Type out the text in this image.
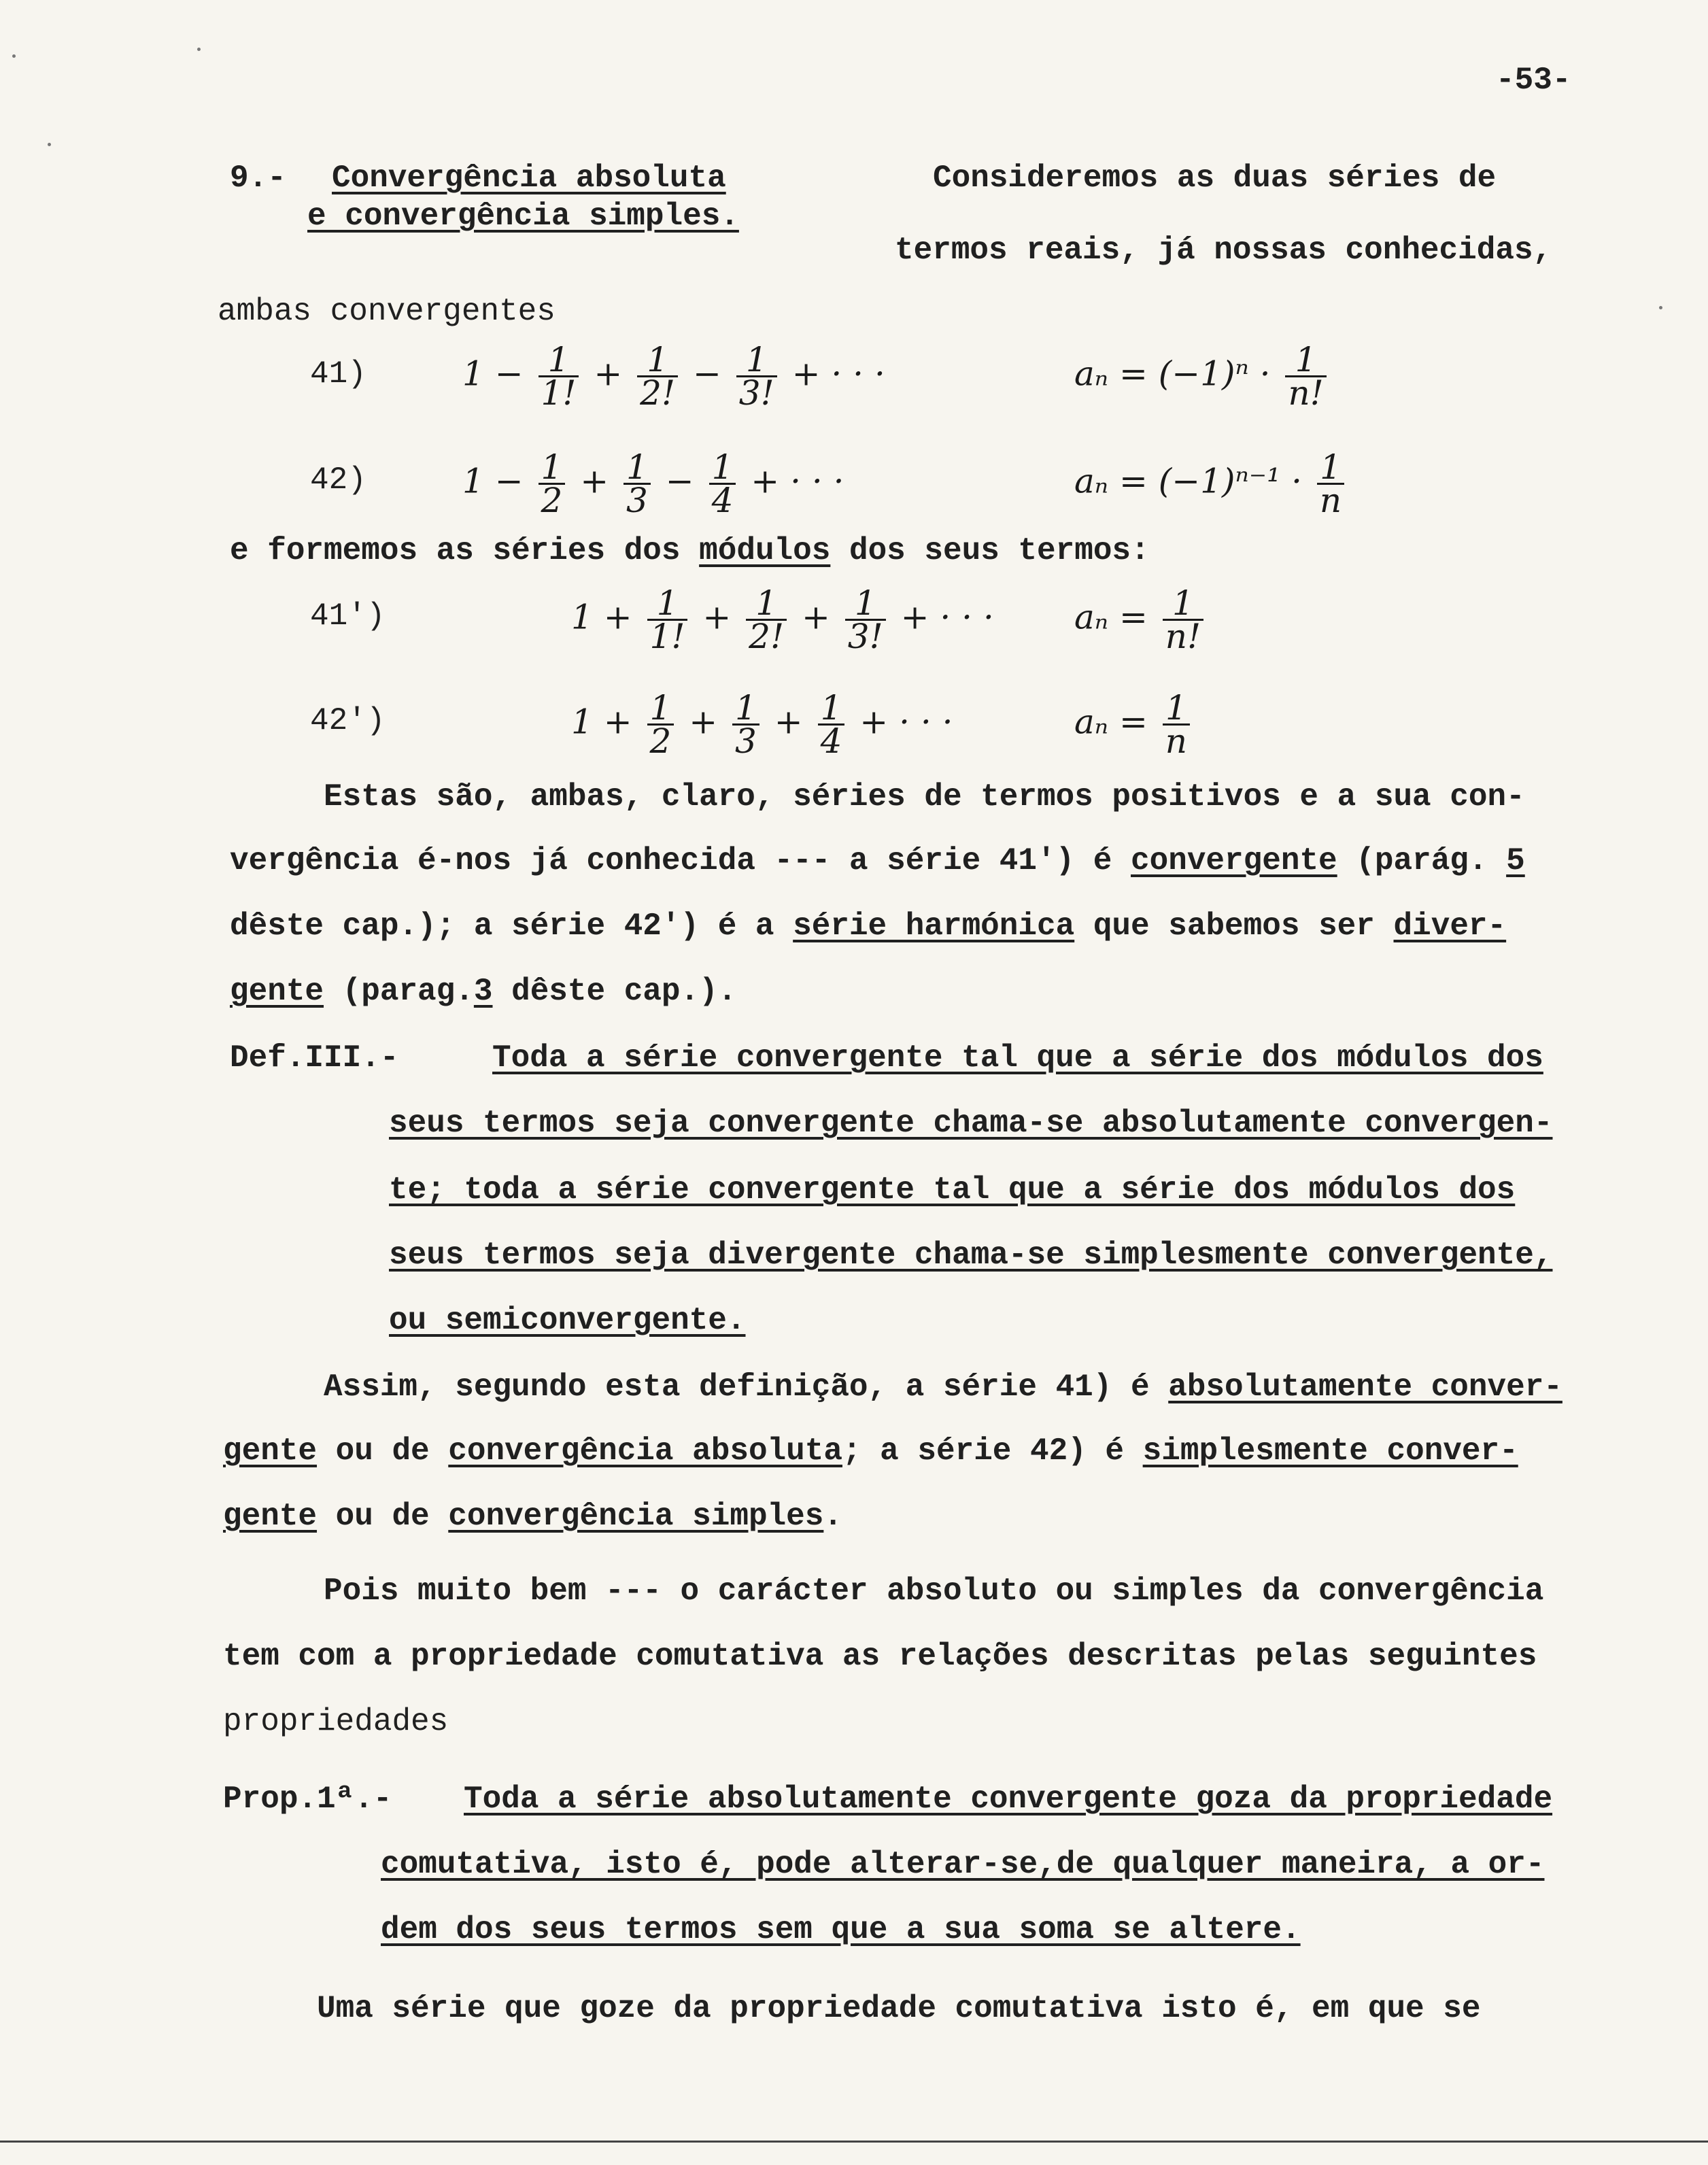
-53-
9.- Convergência absoluta
e convergência simples.
Consideremos as duas séries de
termos reais, já nossas conhecidas,
ambas convergentes
41)	$1 - \frac{1}{1!} + \frac{1}{2!} - \frac{1}{3!}$ + · · ·	$a_n = (-1)^n \cdot \frac{1}{n!}$
42)	$1 - \frac{1}{2} + \frac{1}{3} - \frac{1}{4}$ + · · ·	$a_n = (-1)^{n-1} \cdot \frac{1}{n}$
e formemos as séries dos módulos dos seus termos:
41')	$1 + \frac{1}{1!} + \frac{1}{2!} + \frac{1}{3!}$ + · · · $a_n = \frac{1}{n!}$
42')	$1 + \frac{1}{2} + \frac{1}{3} + \frac{1}{4}$ + · · ·	$a_n = \frac{1}{n}$
Estas são, ambas, claro, séries de termos positivos e a sua con-
vergência é-nos já conhecida --- a série 41') é convergente (parág. 5
dêste cap.); a série 42') é a série harmónica que sabemos ser diver-
gente (parag.3 dêste cap.).
Def.III.-	Toda a série convergente tal que a série dos módulos dos
seus termos seja convergente chama-se absolutamente convergen-
te; toda a série convergente tal que a série dos módulos dos
seus termos seja divergente chama-se simplesmente convergente,
ou semiconvergente.
Assim, segundo esta definição, a série 41) é absolutamente conver-
gente ou de convergência absoluta; a série 42) é simplesmente conver-
gente ou de convergência simples.
Pois muito bem --- o carácter absoluto ou simples da convergência
tem com a propriedade comutativa as relações descritas pelas seguintes
propriedades
Prop.1ª.- Toda a série absolutamente convergente goza da propriedade
comutativa, isto é, pode alterar-se,de qualquer maneira, a or-
dem dos seus termos sem que a sua soma se altere.
Uma série que goze da propriedade comutativa isto é, em que se
